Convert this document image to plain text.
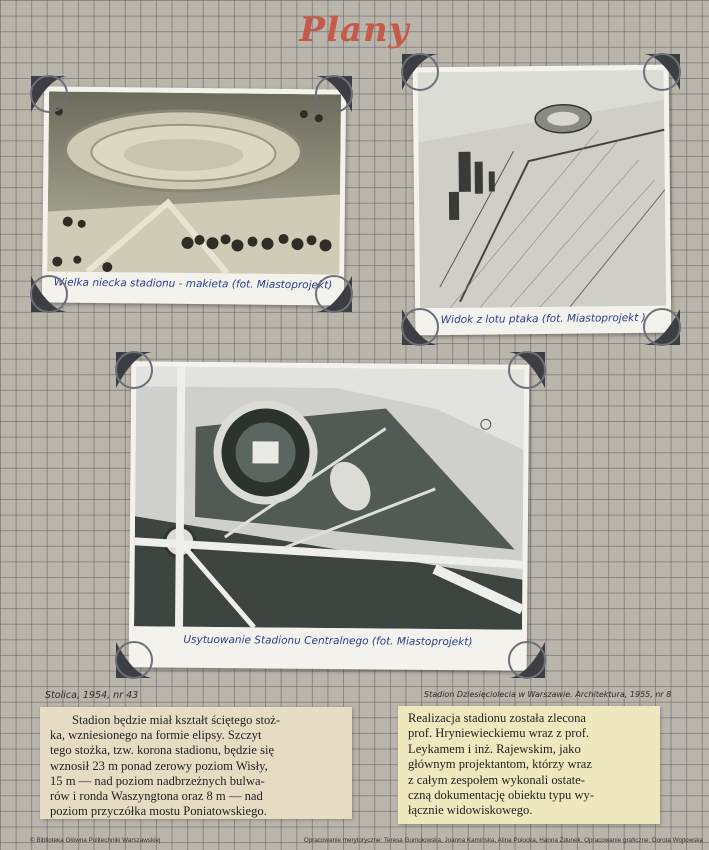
Plany
Wielka niecka stadionu - makieta (fot. Miastoprojekt)
Widok z lotu ptaka (fot. Miastoprojekt )
Usytuowanie Stadionu Centralnego (fot. Miastoprojekt)
Stolica, 1954, nr 43	Stadion Dziesięciolecia w Warszawie. Architektura, 1955, nr 8

Stadion będzie miał kształt ściętego stoż-

ka, wzniesionego na formie elipsy. Szczyt

tego stożka, tzw. korona stadionu, będzie się

wznosił 23 m ponad zerowy poziom Wisły,

15 m — nad poziom nadbrzeżnych bulwa-

rów i ronda Waszyngtona oraz 8 m — nad

poziom przyczółka mostu Poniatowskiego.

Realizacja stadionu została zlecona

prof. Hryniewieckiemu wraz z prof.

Leykamem i inż. Rajewskim, jako

głównym projektantom, którzy wraz

z całym zespołem wykonali ostate-

czną dokumentację obiektu typu wy-

łącznie widowiskowego.

© Biblioteka Główna Politechniki Warszawskiej	Opracowanie merytoryczne: Teresa Gumołowska, Joanna Kamińska, Alina Połocka, Hanna Zdunek. Opracowanie graficzne: Dorota Wojtowska
